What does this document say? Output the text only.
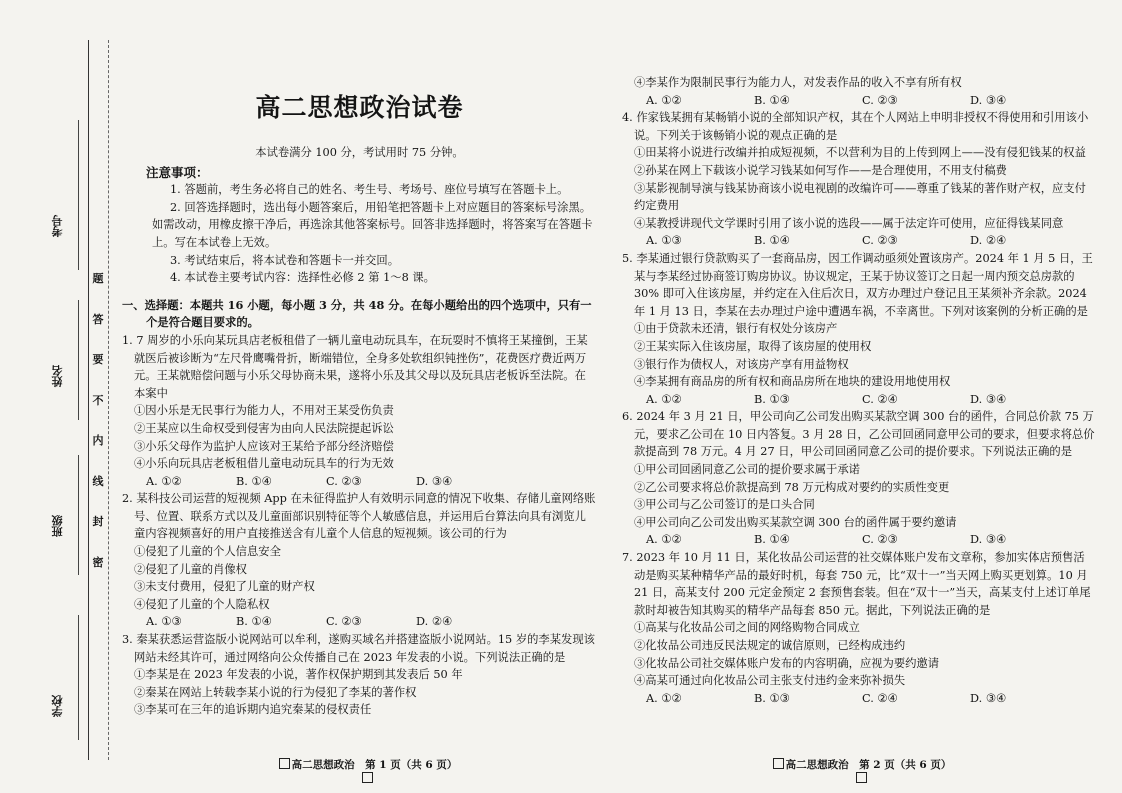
考号
姓名
班级
学校
题
答
要
不
内
线
封
密
高二思想政治试卷
本试卷满分 100 分，考试用时 75 分钟。
注意事项：
1. 答题前，考生务必将自己的姓名、考生号、考场号、座位号填写在答题卡上。
2. 回答选择题时，选出每小题答案后，用铅笔把答题卡上对应题目的答案标号涂黑。如需改动，用橡皮擦干净后，再选涂其他答案标号。回答非选择题时，将答案写在答题卡上。写在本试卷上无效。
3. 考试结束后，将本试卷和答题卡一并交回。
4. 本试卷主要考试内容：选择性必修 2 第 1～8 课。
一、选择题：本题共 16 小题，每小题 3 分，共 48 分。在每小题给出的四个选项中，只有一个是符合题目要求的。
1. 7 周岁的小乐向某玩具店老板租借了一辆儿童电动玩具车，在玩耍时不慎将王某撞倒，王某就医后被诊断为“左尺骨鹰嘴骨折，断端错位，全身多处软组织钝挫伤”，花费医疗费近两万元。王某就赔偿问题与小乐父母协商未果，遂将小乐及其父母以及玩具店老板诉至法院。在本案中
①因小乐是无民事行为能力人，不用对王某受伤负责
②王某应以生命权受到侵害为由向人民法院提起诉讼
③小乐父母作为监护人应该对王某给予部分经济赔偿
④小乐向玩具店老板租借儿童电动玩具车的行为无效
A. ①②	B. ①④	C. ②③	D. ③④
2. 某科技公司运营的短视频 App 在未征得监护人有效明示同意的情况下收集、存储儿童网络账号、位置、联系方式以及儿童面部识别特征等个人敏感信息，并运用后台算法向具有浏览儿童内容视频喜好的用户直接推送含有儿童个人信息的短视频。该公司的行为
①侵犯了儿童的个人信息安全
②侵犯了儿童的肖像权
③未支付费用，侵犯了儿童的财产权
④侵犯了儿童的个人隐私权
A. ①③	B. ①④	C. ②③	D. ②④
3. 秦某获悉运营盗版小说网站可以牟利，遂购买域名并搭建盗版小说网站。15 岁的李某发现该网站未经其许可，通过网络向公众传播自己在 2023 年发表的小说。下列说法正确的是
①李某是在 2023 年发表的小说，著作权保护期到其发表后 50 年
②秦某在网站上转载李某小说的行为侵犯了李某的著作权
③李某可在三年的追诉期内追究秦某的侵权责任
高二思想政治　第 1 页（共 6 页）
④李某作为限制民事行为能力人，对发表作品的收入不享有所有权
A. ①②	B. ①④	C. ②③	D. ③④
4. 作家钱某拥有某畅销小说的全部知识产权，其在个人网站上申明非授权不得使用和引用该小说。下列关于该畅销小说的观点正确的是
①田某将小说进行改编并拍成短视频，不以营利为目的上传到网上——没有侵犯钱某的权益
②孙某在网上下载该小说学习钱某如何写作——是合理使用，不用支付稿费
③某影视制导演与钱某协商该小说电视剧的改编许可——尊重了钱某的著作财产权，应支付约定费用
④某教授讲现代文学课时引用了该小说的选段——属于法定许可使用，应征得钱某同意
A. ①③	B. ①④	C. ②③	D. ②④
5. 李某通过银行贷款购买了一套商品房，因工作调动亟须处置该房产。2024 年 1 月 5 日，王某与李某经过协商签订购房协议。协议规定，王某于协议签订之日起一周内预交总房款的 30% 即可入住该房屋，并约定在入住后次日，双方办理过户登记且王某须补齐余款。2024 年 1 月 13 日，李某在去办理过户途中遭遇车祸，不幸离世。下列对该案例的分析正确的是
①由于贷款未还清，银行有权处分该房产
②王某实际入住该房屋，取得了该房屋的使用权
③银行作为债权人，对该房产享有用益物权
④李某拥有商品房的所有权和商品房所在地块的建设用地使用权
A. ①②	B. ①③	C. ②④	D. ③④
6. 2024 年 3 月 21 日，甲公司向乙公司发出购买某款空调 300 台的函件，合同总价款 75 万元，要求乙公司在 10 日内答复。3 月 28 日，乙公司回函同意甲公司的要求，但要求将总价款提高到 78 万元。4 月 27 日，甲公司回函同意乙公司的提价要求。下列说法正确的是
①甲公司回函同意乙公司的提价要求属于承诺
②乙公司要求将总价款提高到 78 万元构成对要约的实质性变更
③甲公司与乙公司签订的是口头合同
④甲公司向乙公司发出购买某款空调 300 台的函件属于要约邀请
A. ①②	B. ①④	C. ②③	D. ③④
7. 2023 年 10 月 11 日，某化妆品公司运营的社交媒体账户发布文章称，参加实体店预售活动是购买某种精华产品的最好时机，每套 750 元，比“双十一”当天网上购买更划算。10 月 21 日，高某支付 200 元定金预定 2 套预售套装。但在“双十一”当天，高某支付上述订单尾款时却被告知其购买的精华产品每套 850 元。据此，下列说法正确的是
①高某与化妆品公司之间的网络购物合同成立
②化妆品公司违反民法规定的诚信原则，已经构成违约
③化妆品公司社交媒体账户发布的内容明确，应视为要约邀请
④高某可通过向化妆品公司主张支付违约金来弥补损失
A. ①②	B. ①③	C. ②④	D. ③④
高二思想政治　第 2 页（共 6 页）
